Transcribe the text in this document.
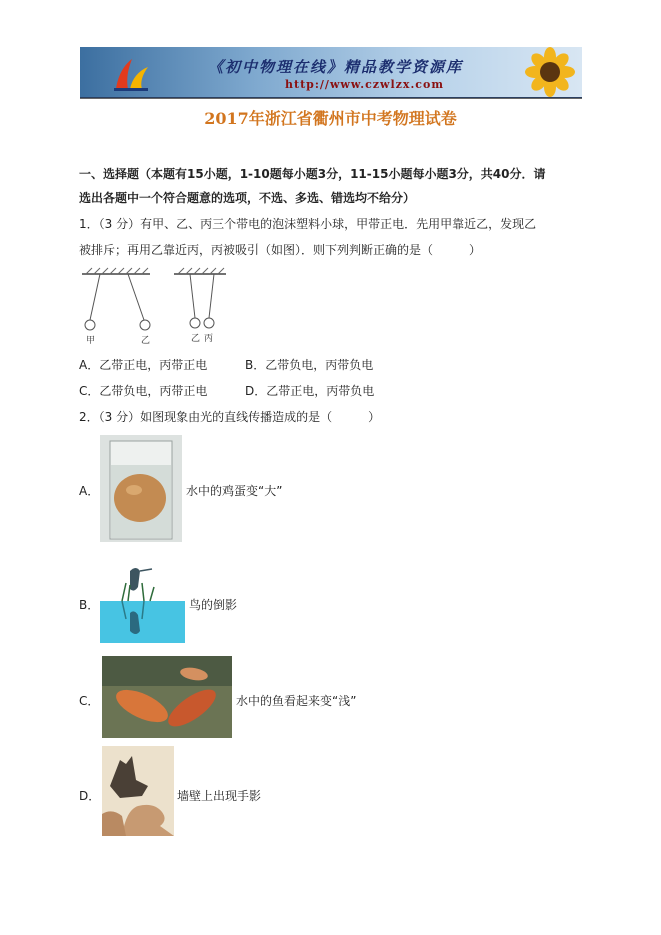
《初中物理在线》精品教学资源库
http://www.czwlzx.com
2017年浙江省衢州市中考物理试卷
一、选择题（本题有15小题，1-10题每小题3分，11-15小题每小题3分，共40分．请
选出各题中一个符合题意的选项，不选、多选、错选均不给分）
1．（3 分）有甲、乙、丙三个带电的泡沫塑料小球，甲带正电．先用甲靠近乙，发现乙
被排斥；再用乙靠近丙，丙被吸引（如图）．则下列判断正确的是（　　　）
甲	乙	乙 丙
A．乙带正电，丙带正电	B．乙带负电，丙带负电
C．乙带负电，丙带正电	D．乙带正电，丙带负电
2．（3 分）如图现象由光的直线传播造成的是（　　　）
A．	水中的鸡蛋变“大”
B．	鸟的倒影
C．	水中的鱼看起来变“浅”
D．	墙壁上出现手影
